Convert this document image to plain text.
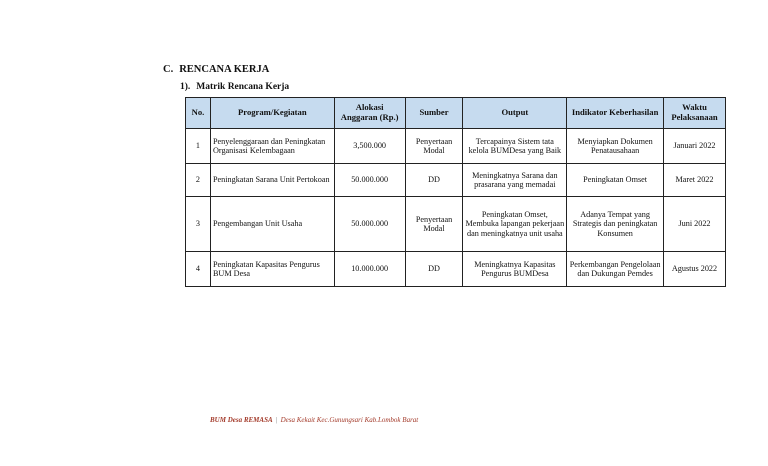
C. RENCANA KERJA
1). Matrik Rencana Kerja
No.	Program/Kegiatan	Alokasi Anggaran (Rp.)	Sumber	Output	Indikator Keberhasilan	Waktu Pelaksanaan
1	Penyelenggaraan dan Peningkatan Organisasi Kelembagaan	3,500.000	Penyertaan Modal	Tercapainya Sistem tata kelola BUMDesa yang Baik	Menyiapkan Dokumen Penatausahaan	Januari 2022
2	Peningkatan Sarana Unit Pertokoan	50.000.000	DD	Meningkatnya Sarana dan prasarana yang memadai	Peningkatan Omset	Maret 2022
3	Pengembangan Unit Usaha	50.000.000	Penyertaan Modal	Peningkatan Omset, Membuka lapangan pekerjaan dan meningkatnya unit usaha	Adanya Tempat yang Strategis dan peningkatan Konsumen	Juni 2022
4	Peningkatan Kapasitas Pengurus BUM Desa	10.000.000	DD	Meningkatnya Kapasitas Pengurus BUMDesa	Perkembangan Pengelolaan dan Dukungan Pemdes	Agustus 2022
BUM Desa REMASA | Desa Kekait Kec.Gunungsari Kab.Lombok Barat
